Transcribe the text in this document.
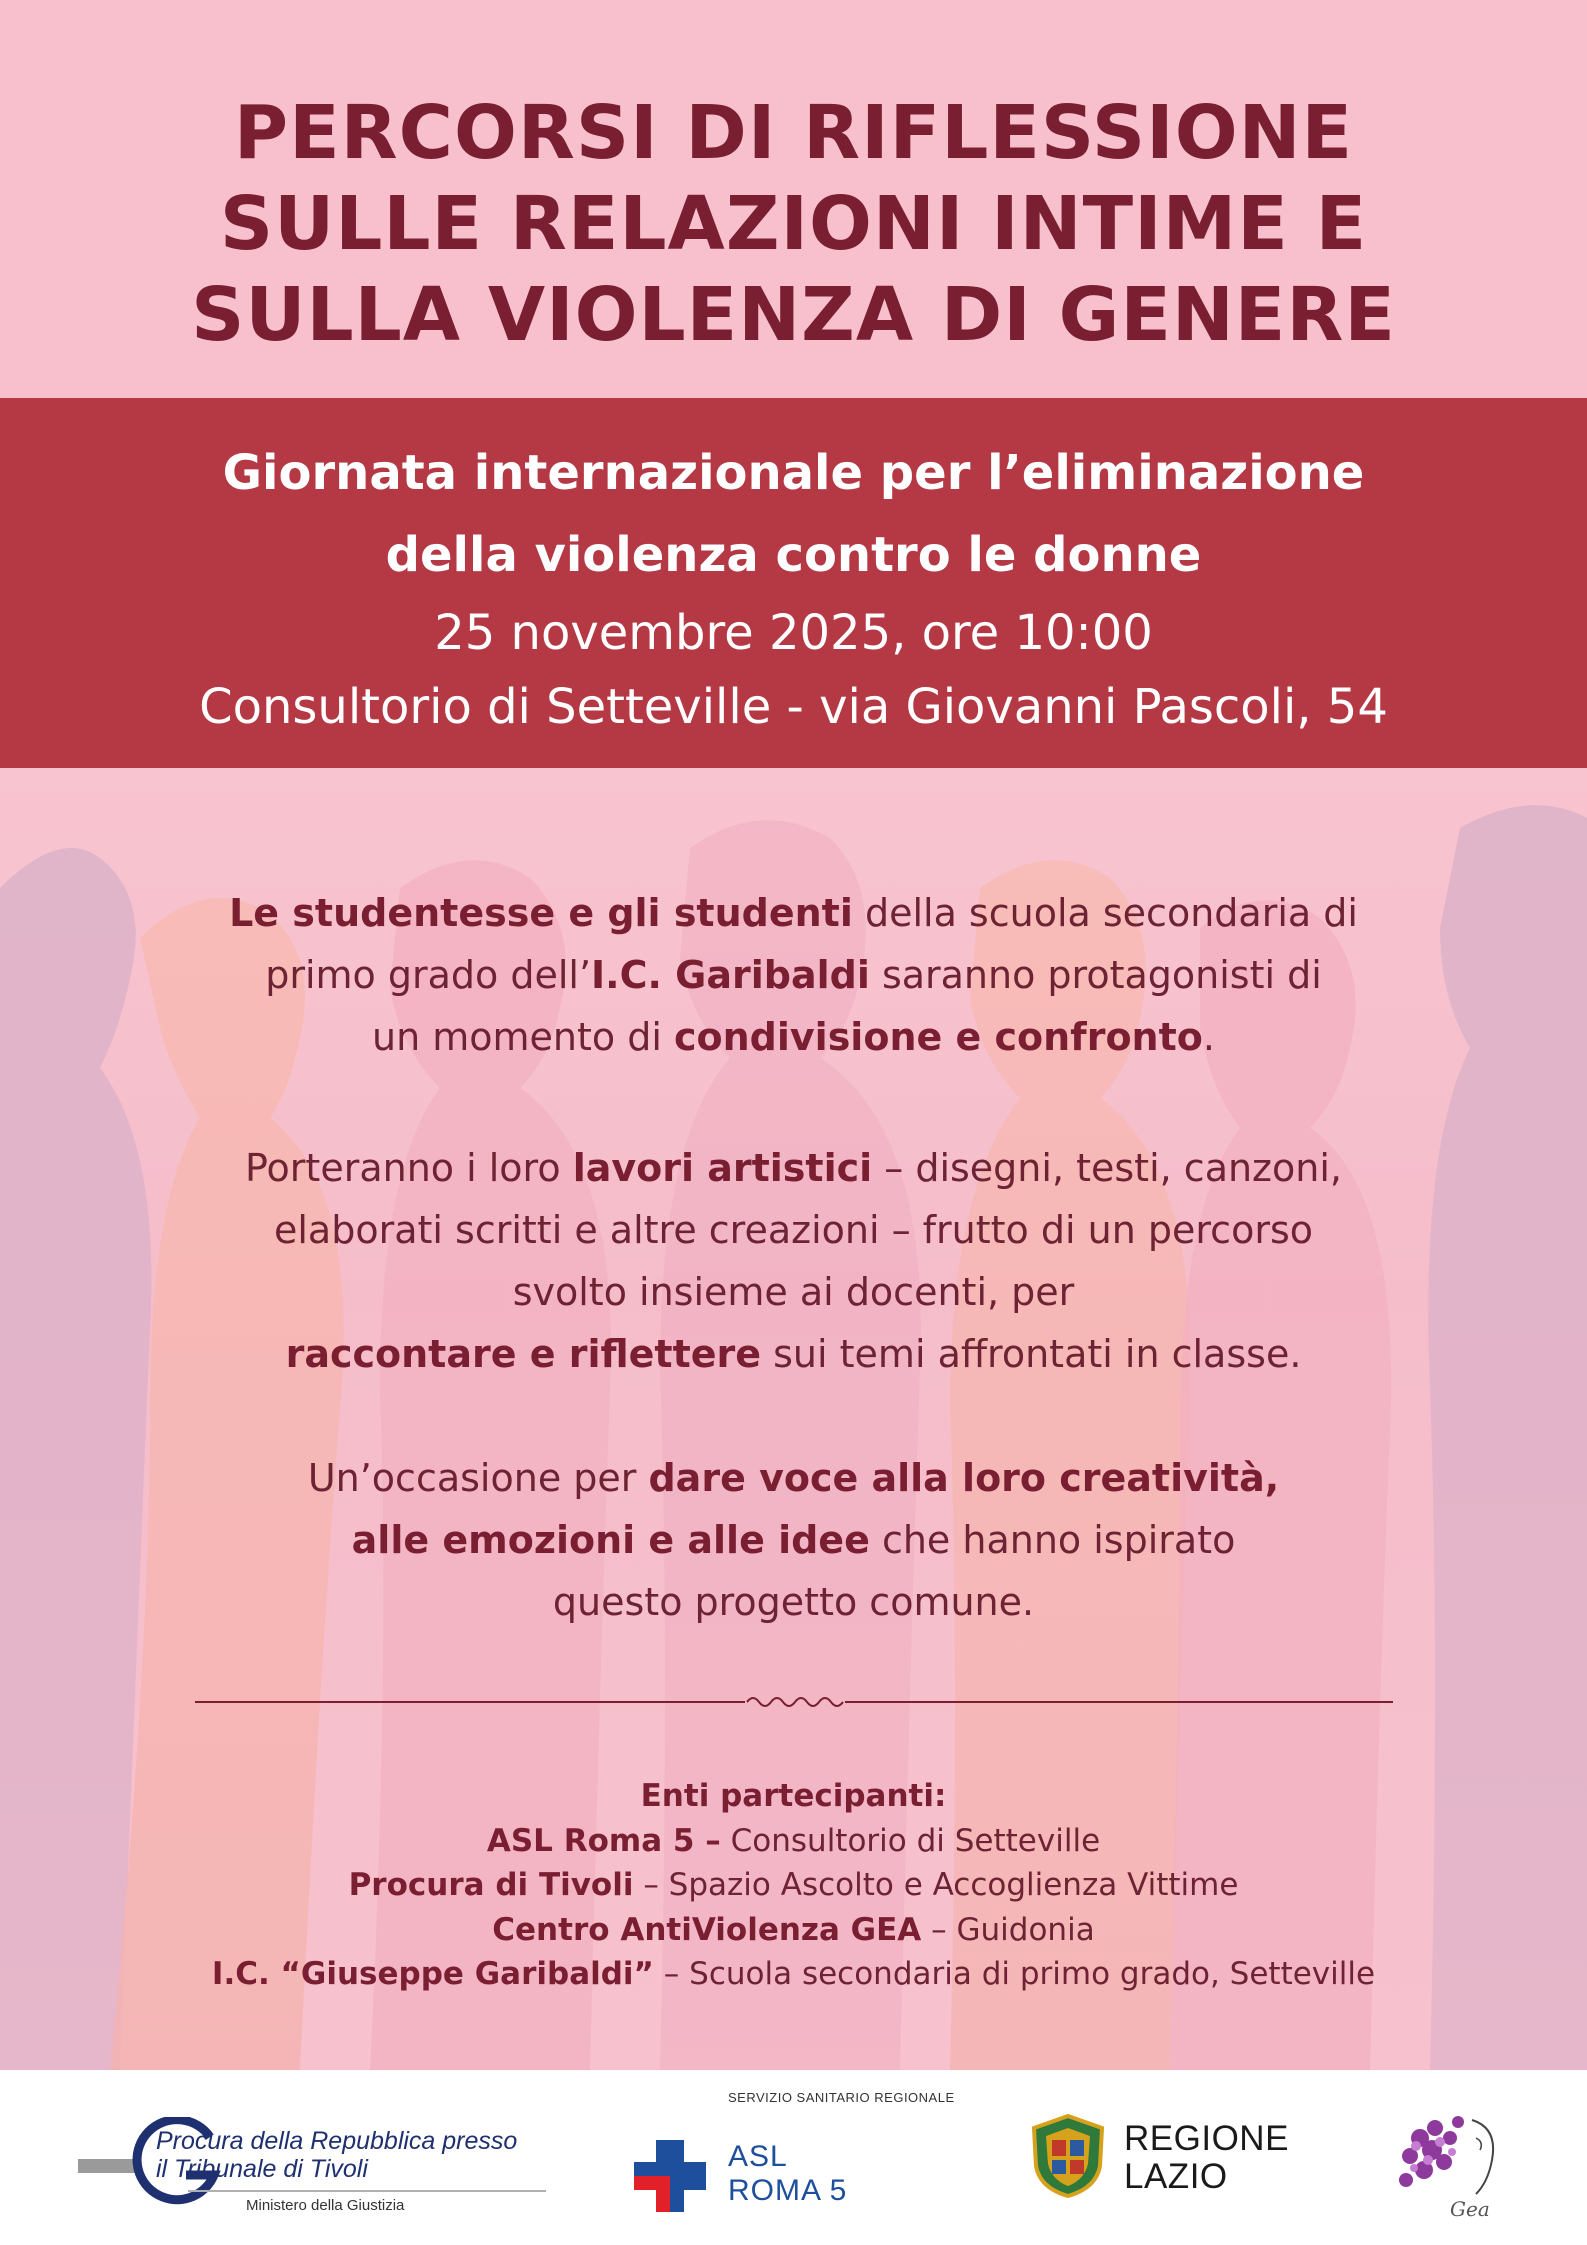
PERCORSI DI RIFLESSIONE
SULLE RELAZIONI INTIME E
SULLA VIOLENZA DI GENERE
Giornata internazionale per l’eliminazione
della violenza contro le donne
25 novembre 2025, ore 10:00
Consultorio di Setteville - via Giovanni Pascoli, 54
Le studentesse e gli studenti della scuola secondaria di
primo grado dell’I.C. Garibaldi saranno protagonisti di
un momento di condivisione e confronto.
Porteranno i loro lavori artistici – disegni, testi, canzoni,
elaborati scritti e altre creazioni – frutto di un percorso
svolto insieme ai docenti, per
raccontare e riflettere sui temi affrontati in classe.
Un’occasione per dare voce alla loro creatività,
alle emozioni e alle idee che hanno ispirato
questo progetto comune.
Enti partecipanti:
ASL Roma 5 – Consultorio di Setteville
Procura di Tivoli – Spazio Ascolto e Accoglienza Vittime
Centro AntiViolenza GEA – Guidonia
I.C. “Giuseppe Garibaldi” – Scuola secondaria di primo grado, Setteville
Procura della Repubblica presso
il Tribunale di Tivoli
Ministero della Giustizia
SERVIZIO SANITARIO REGIONALE
ASL
ROMA 5
REGIONE
LAZIO
Gea
